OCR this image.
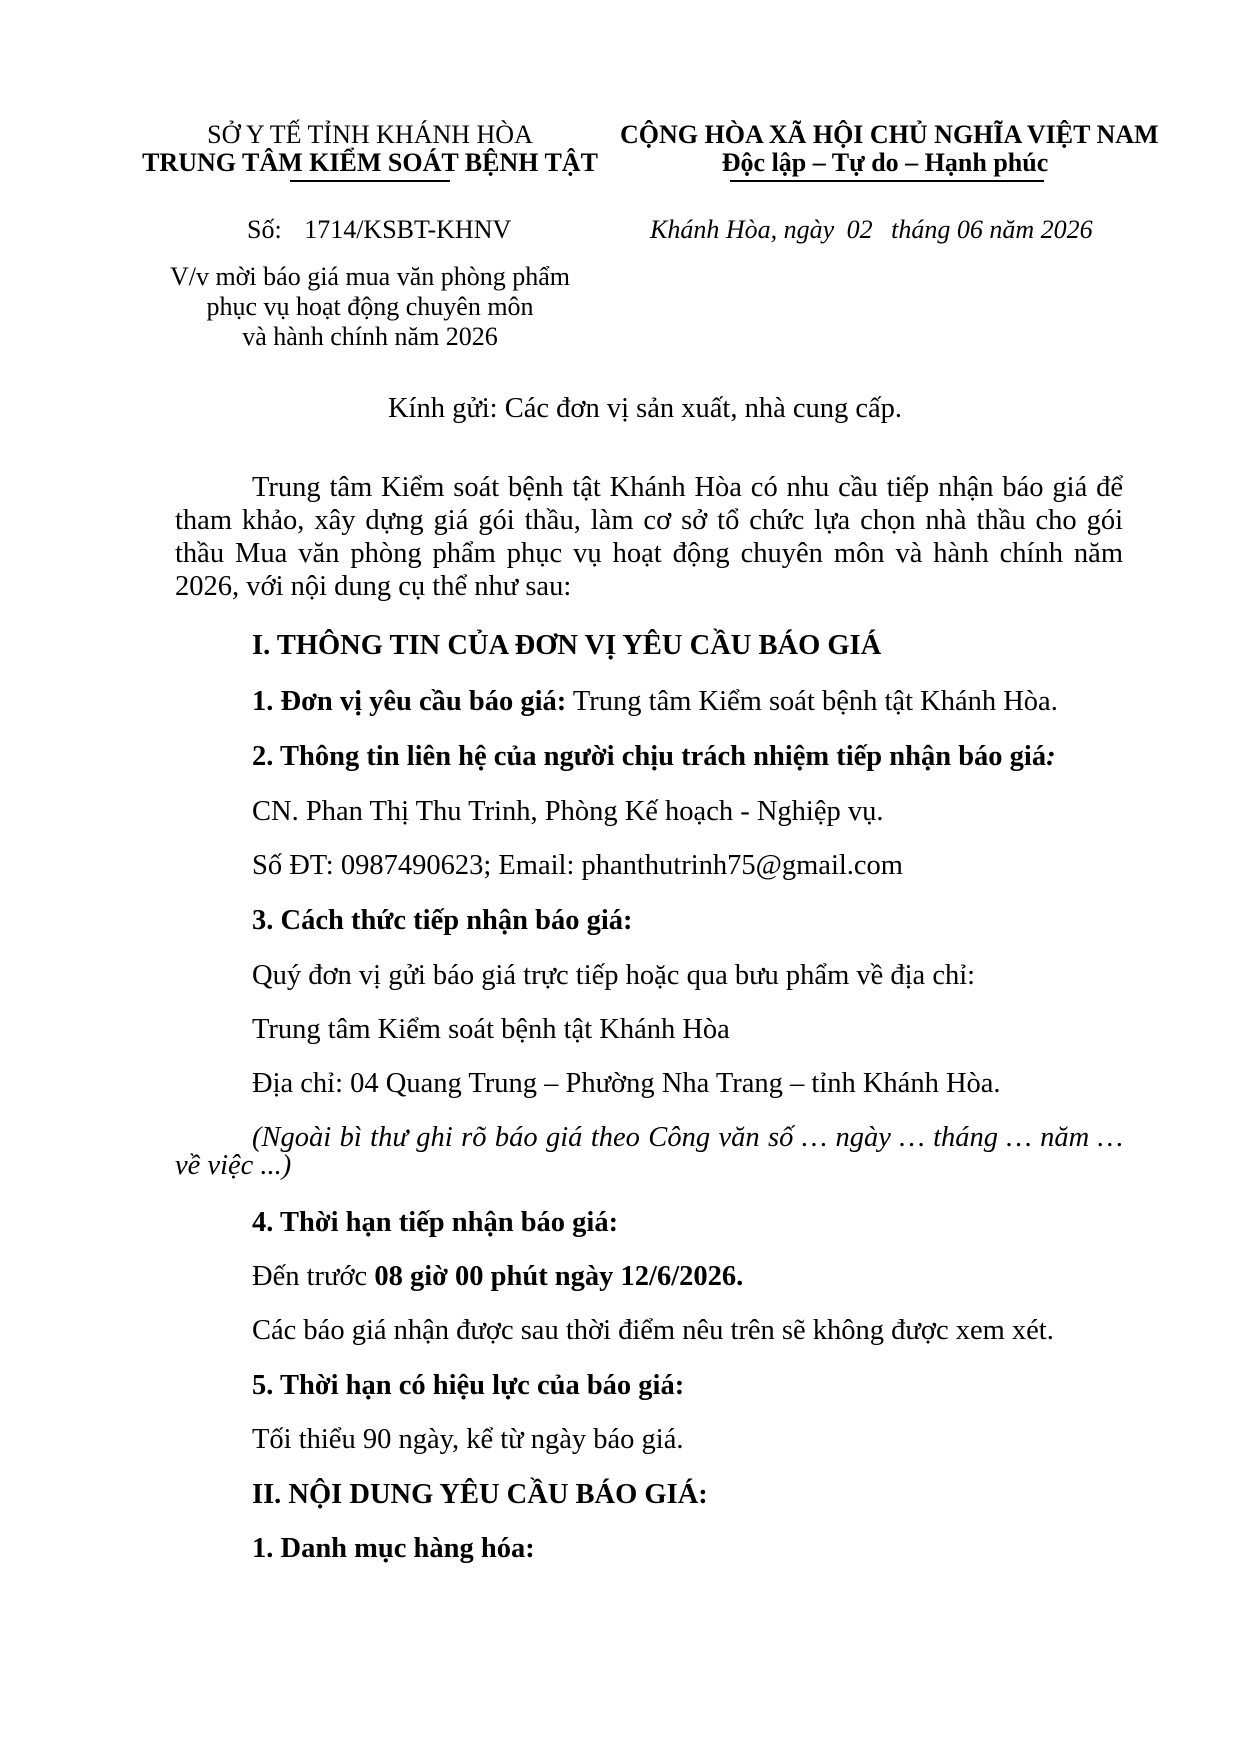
SỞ Y TẾ TỈNH KHÁNH HÒA
TRUNG TÂM KIỂM SOÁT BỆNH TẬT
CỘNG HÒA XÃ HỘI CHỦ NGHĨA VIỆT NAM
Độc lập – Tự do – Hạnh phúc
Số: 1714/KSBT-KHNV	Khánh Hòa, ngày 02 tháng 06 năm 2026
V/v mời báo giá mua văn phòng phẩm
phục vụ hoạt động chuyên môn
và hành chính năm 2026
Kính gửi: Các đơn vị sản xuất, nhà cung cấp.
Trung tâm Kiểm soát bệnh tật Khánh Hòa có nhu cầu tiếp nhận báo giá để tham khảo, xây dựng giá gói thầu, làm cơ sở tổ chức lựa chọn nhà thầu cho gói thầu Mua văn phòng phẩm phục vụ hoạt động chuyên môn và hành chính năm 2026, với nội dung cụ thể như sau:
I. THÔNG TIN CỦA ĐƠN VỊ YÊU CẦU BÁO GIÁ
1. Đơn vị yêu cầu báo giá: Trung tâm Kiểm soát bệnh tật Khánh Hòa.
2. Thông tin liên hệ của người chịu trách nhiệm tiếp nhận báo giá:
CN. Phan Thị Thu Trinh, Phòng Kế hoạch - Nghiệp vụ.
Số ĐT: 0987490623; Email: phanthutrinh75@gmail.com
3. Cách thức tiếp nhận báo giá:
Quý đơn vị gửi báo giá trực tiếp hoặc qua bưu phẩm về địa chỉ:
Trung tâm Kiểm soát bệnh tật Khánh Hòa
Địa chỉ: 04 Quang Trung – Phường Nha Trang – tỉnh Khánh Hòa.
(Ngoài bì thư ghi rõ báo giá theo Công văn số … ngày … tháng … năm …
về việc ...)
4. Thời hạn tiếp nhận báo giá:
Đến trước 08 giờ 00 phút ngày 12/6/2026.
Các báo giá nhận được sau thời điểm nêu trên sẽ không được xem xét.
5. Thời hạn có hiệu lực của báo giá:
Tối thiểu 90 ngày, kể từ ngày báo giá.
II. NỘI DUNG YÊU CẦU BÁO GIÁ:
1. Danh mục hàng hóa:
